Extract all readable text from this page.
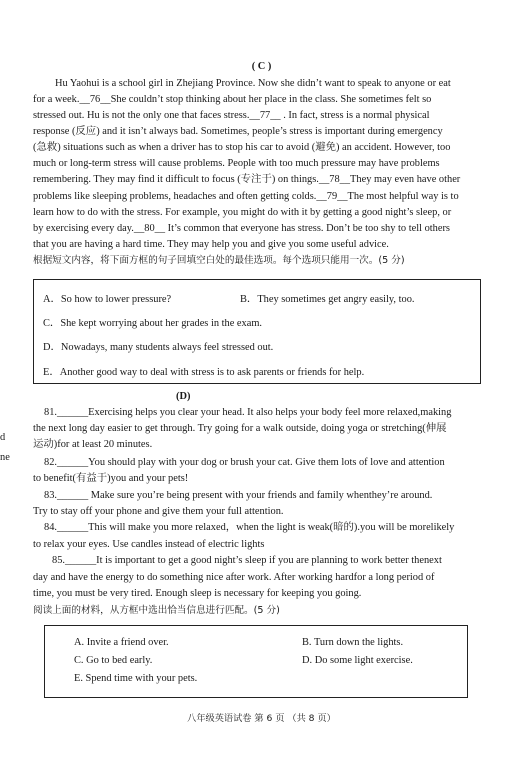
( C )
Hu Yaohui is a school girl in Zhejiang Province. Now she didn’t want to speak to anyone or eat
for a week.__76__She couldn’t stop thinking about her place in the class. She sometimes felt so
stressed out. Hu is not the only one that faces stress.__77__ . In fact, stress is a normal physical
response (反应) and it isn’t always bad. Sometimes, people’s stress is important during emergency
(急救) situations such as when a driver has to stop his car to avoid (避免) an accident. However, too
much or long-term stress will cause problems. People with too much pressure may have problems
remembering. They may find it difficult to focus (专注于) on things.__78__They may even have other
problems like sleeping problems, headaches and often getting colds.__79__The most helpful way is to
learn how to do with the stress. For example, you might do with it by getting a good night’s sleep, or
by exercising every day.__80__ It’s common that everyone has stress. Don’t be too shy to tell others
that you are having a hard time. They may help you and give you some useful advice.
根据短文内容，将下面方框的句子回填空白处的最佳选项。每个选项只能用一次。(5 分)
A．So how to lower pressure?	B．They sometimes get angry easily, too.
C．She kept worrying about her grades in the exam.
D．Nowadays, many students always feel stressed out.
E．Another good way to deal with stress is to ask parents or friends for help.
(D)
81.______Exercising helps you clear your head. It also helps your body feel more relaxed,making
the next long day easier to get through. Try going for a walk outside, doing yoga or stretching(伸展
运动)for at least 20 minutes.
82.______You should play with your dog or brush your cat. Give them lots of love and attention
to benefit(有益于)you and your pets!
83.______ Make sure you’re being present with your friends and family whenthey’re around.
Try to stay off your phone and give them your full attention.
84.______This will make you more relaxed，when the light is weak(暗的).you will be morelikely
to relax your eyes. Use candles instead of electric lights
85.______It is important to get a good night’s sleep if you are planning to work better thenext
day and have the energy to do something nice after work. After working hardfor a long period of
time, you must be very tired. Enough sleep is necessary for keeping you going.
阅读上面的材料，从方框中选出恰当信息进行匹配。(5 分)
A. Invite a friend over.	B. Turn down the lights.
C. Go to bed early.	D. Do some light exercise.
E. Spend time with your pets.
d
ne
八年级英语试卷 第 6 页 （共 8 页）
